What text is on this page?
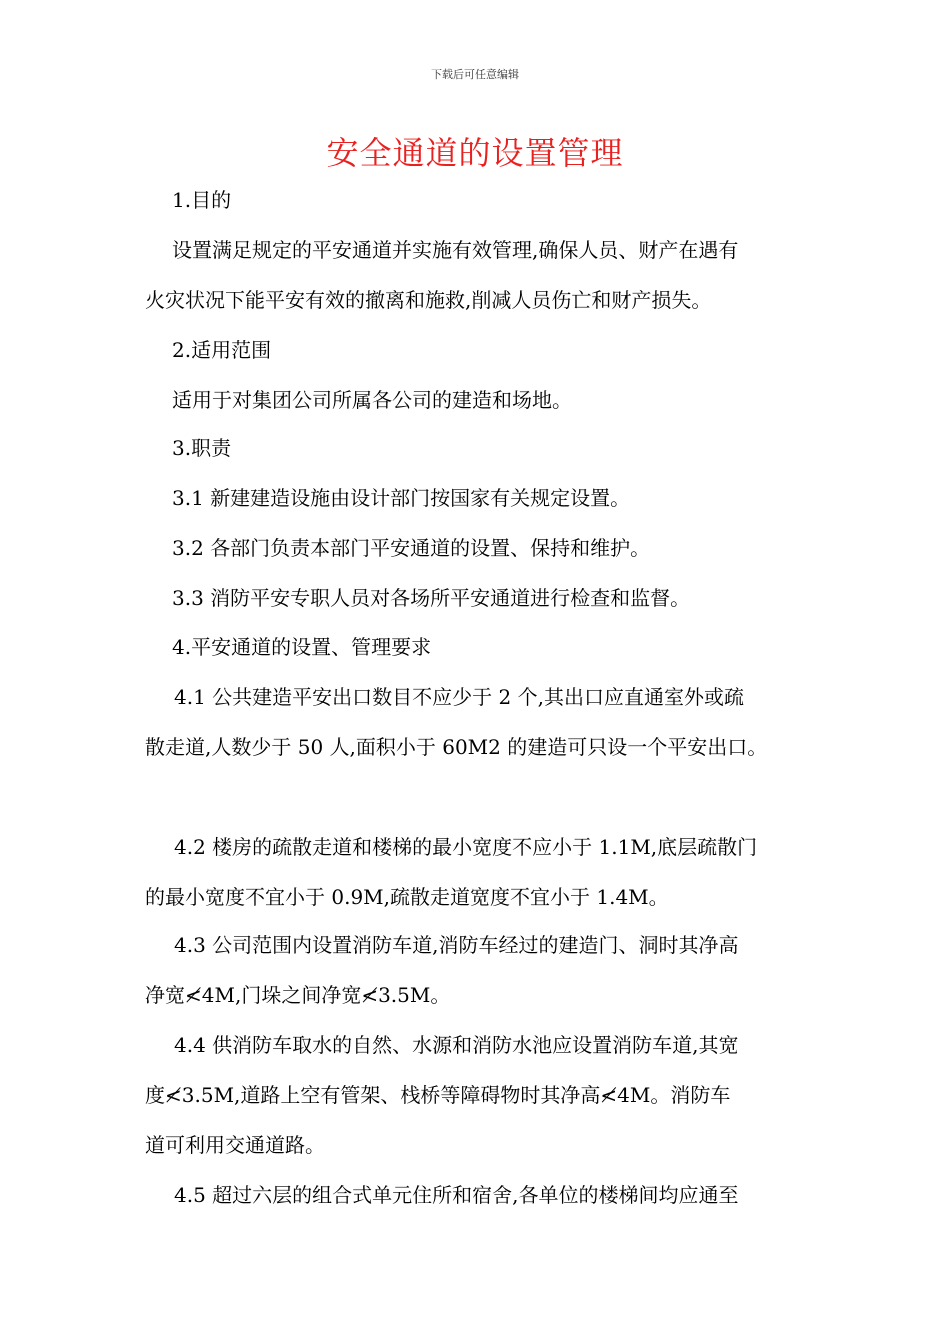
下载后可任意编辑
安全通道的设置管理
1.目的
设置满足规定的平安通道并实施有效管理,确保人员、财产在遇有
火灾状况下能平安有效的撤离和施救,削减人员伤亡和财产损失。
2.适用范围
适用于对集团公司所属各公司的建造和场地。
3.职责
3.1 新建建造设施由设计部门按国家有关规定设置。
3.2 各部门负责本部门平安通道的设置、保持和维护。
3.3 消防平安专职人员对各场所平安通道进行检查和监督。
4.平安通道的设置、管理要求
4.1 公共建造平安出口数目不应少于 2 个,其出口应直通室外或疏
散走道,人数少于 50 人,面积小于 60M2 的建造可只设一个平安出口。
4.2 楼房的疏散走道和楼梯的最小宽度不应小于 1.1M,底层疏散门
的最小宽度不宜小于 0.9M,疏散走道宽度不宜小于 1.4M。
4.3 公司范围内设置消防车道,消防车经过的建造门、洞时其净高
净宽≮4M,门垛之间净宽≮3.5M。
4.4 供消防车取水的自然、水源和消防水池应设置消防车道,其宽
度≮3.5M,道路上空有管架、栈桥等障碍物时其净高≮4M。消防车
道可利用交通道路。
4.5 超过六层的组合式单元住所和宿舍,各单位的楼梯间均应通至
